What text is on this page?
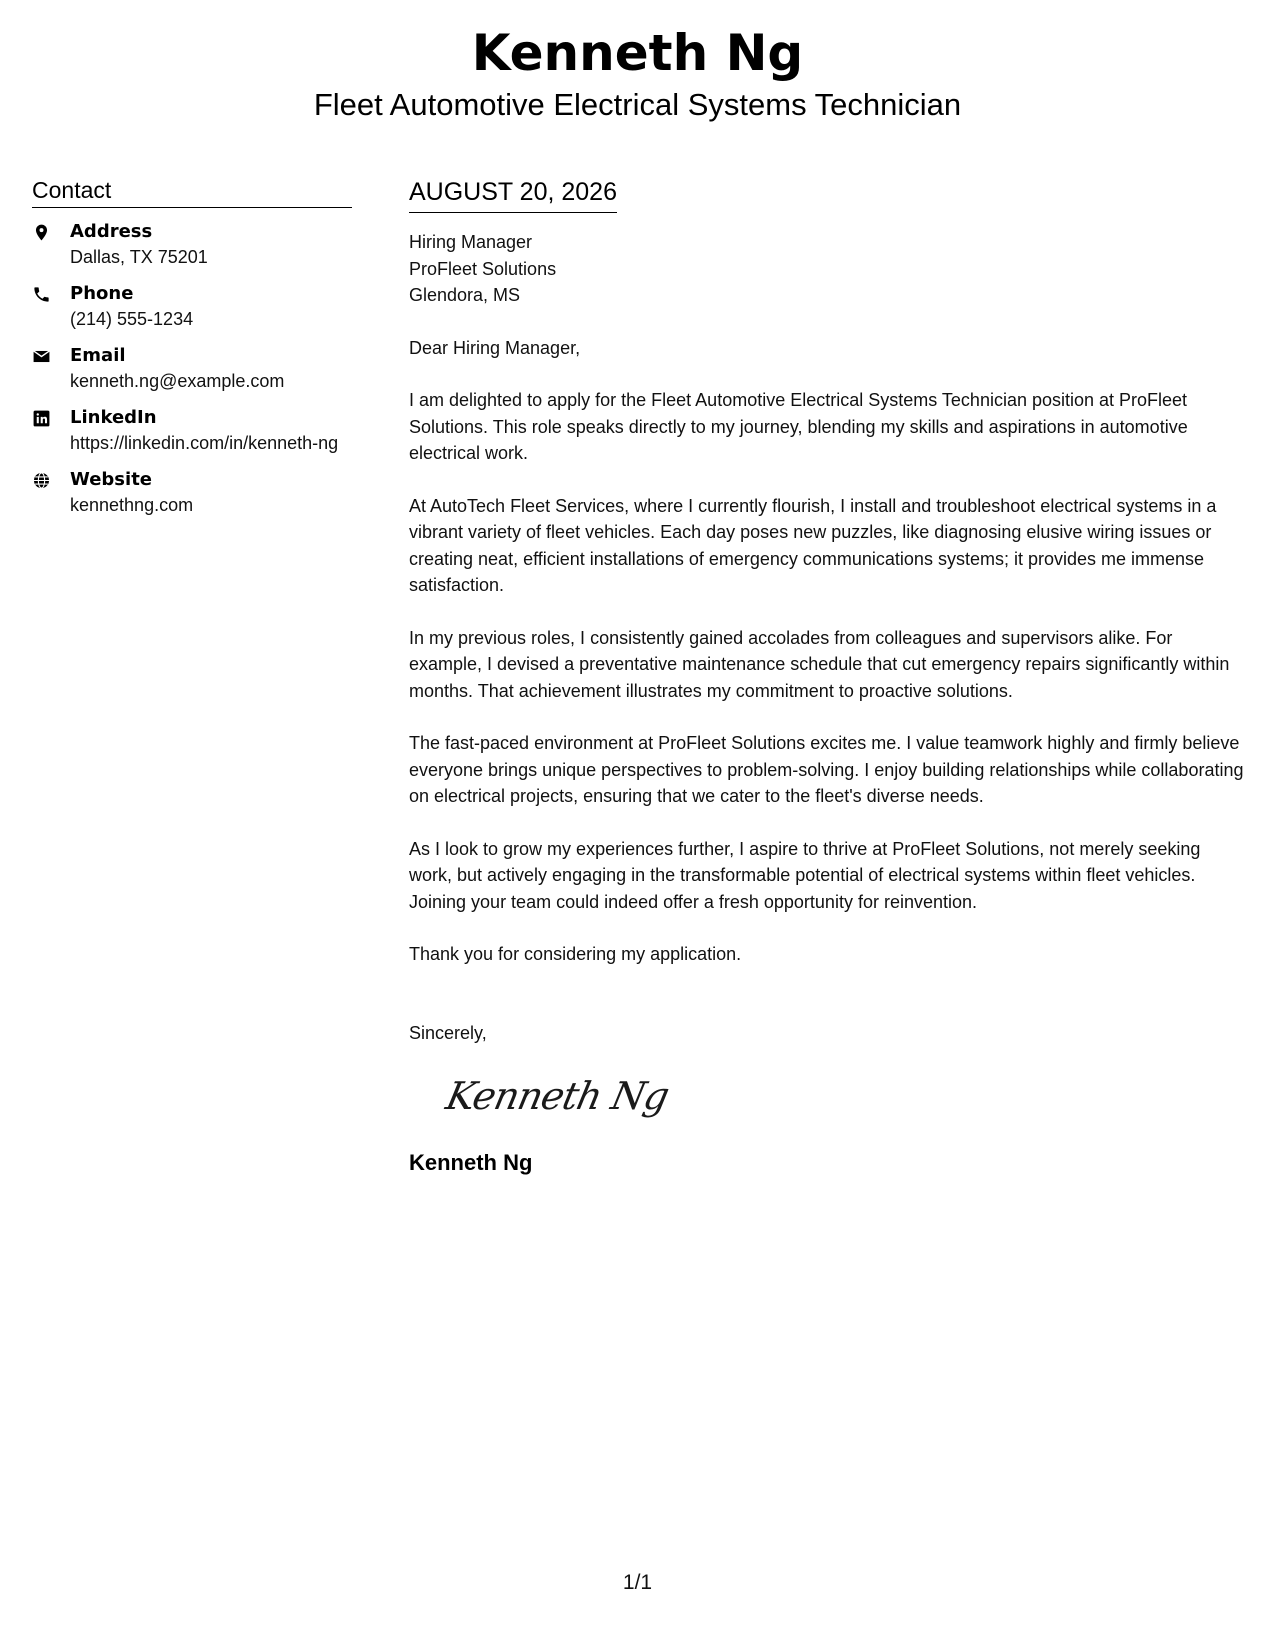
Kenneth Ng
Fleet Automotive Electrical Systems Technician
Contact
Address
Dallas, TX 75201
Phone
(214) 555-1234
Email
kenneth.ng@example.com
LinkedIn
https://linkedin.com/in/kenneth-ng
Website
kennethng.com
AUGUST 20, 2026
Hiring Manager
ProFleet Solutions
Glendora, MS

Dear Hiring Manager,

I am delighted to apply for the Fleet Automotive Electrical Systems Technician position at ProFleet Solutions. This role speaks directly to my journey, blending my skills and aspirations in automotive electrical work.

At AutoTech Fleet Services, where I currently flourish, I install and troubleshoot electrical systems in a vibrant variety of fleet vehicles. Each day poses new puzzles, like diagnosing elusive wiring issues or creating neat, efficient installations of emergency communications systems; it provides me immense satisfaction.

In my previous roles, I consistently gained accolades from colleagues and supervisors alike. For example, I devised a preventative maintenance schedule that cut emergency repairs significantly within months. That achievement illustrates my commitment to proactive solutions.

The fast-paced environment at ProFleet Solutions excites me. I value teamwork highly and firmly believe everyone brings unique perspectives to problem-solving. I enjoy building relationships while collaborating on electrical projects, ensuring that we cater to the fleet's diverse needs.

As I look to grow my experiences further, I aspire to thrive at ProFleet Solutions, not merely seeking work, but actively engaging in the transformable potential of electrical systems within fleet vehicles. Joining your team could indeed offer a fresh opportunity for reinvention.

Thank you for considering my application.

Sincerely,

Kenneth Ng
Kenneth Ng
1/1
